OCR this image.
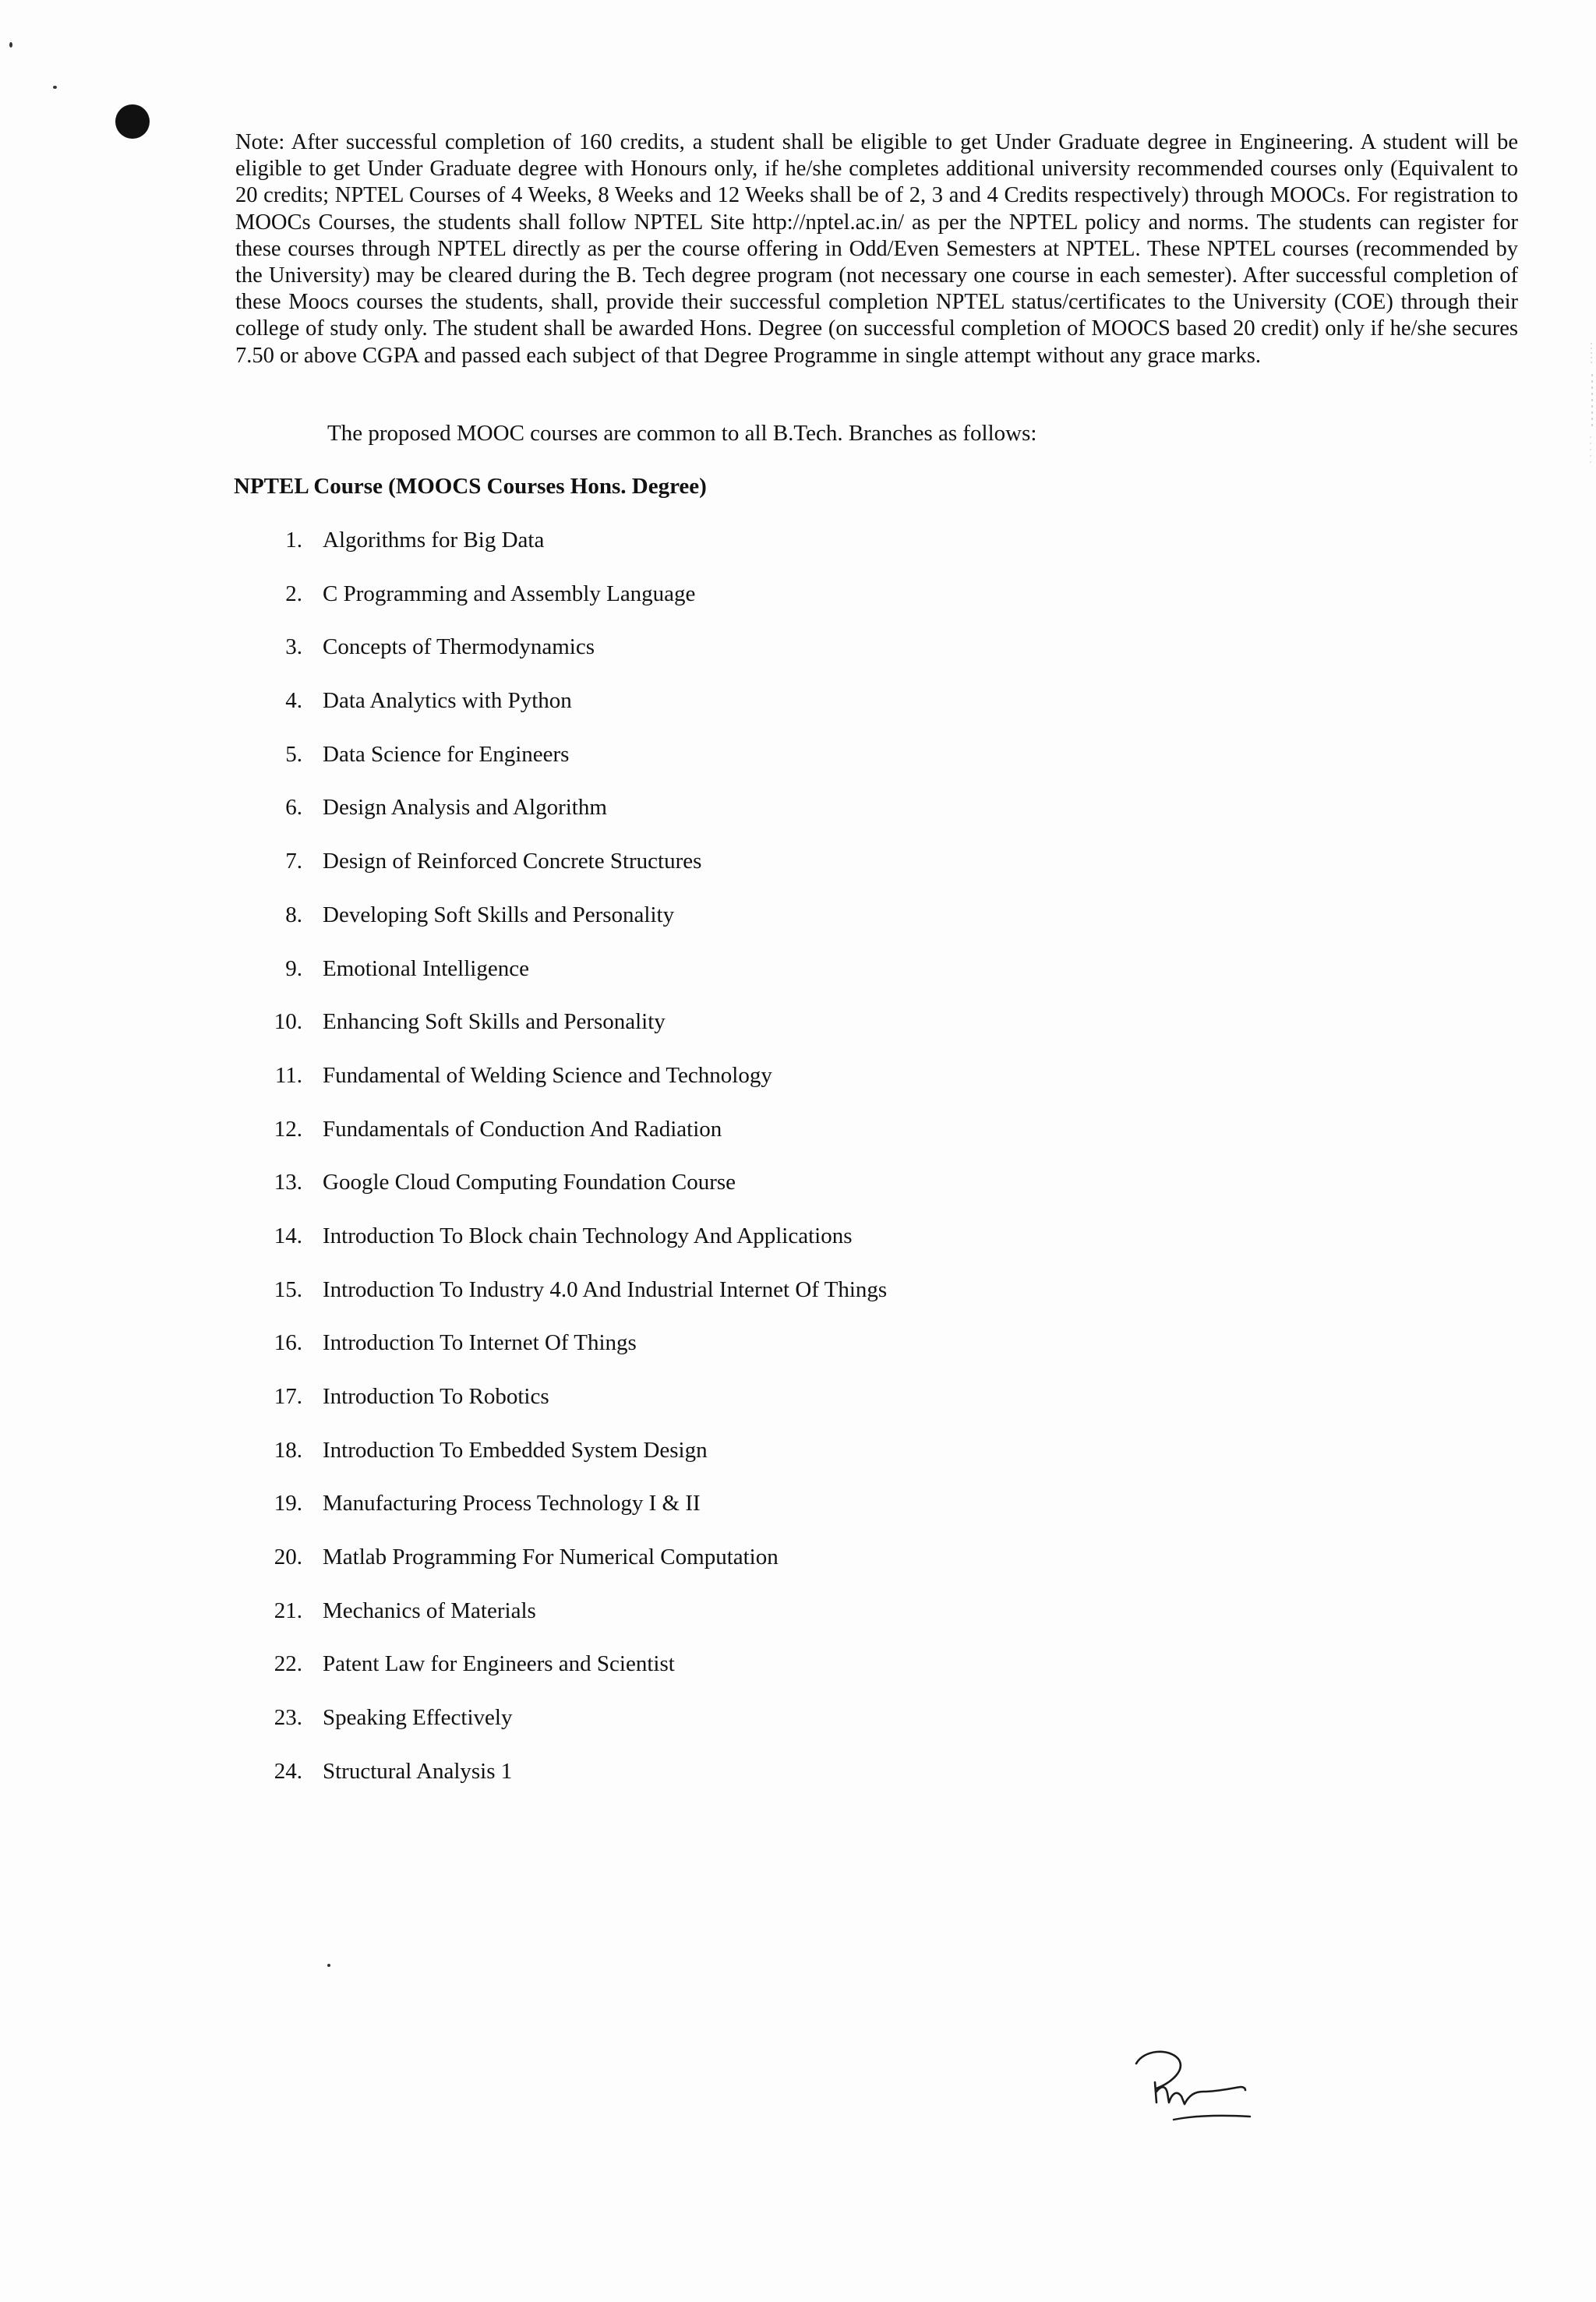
Note: After successful completion of 160 credits, a student shall be eligible to get Under Graduate degree in Engineering. A student will be eligible to get Under Graduate degree with Honours only, if he/she completes additional university recommended courses only (Equivalent to 20 credits; NPTEL Courses of 4 Weeks, 8 Weeks and 12 Weeks shall be of 2, 3 and 4 Credits respectively) through MOOCs. For registration to MOOCs Courses, the students shall follow NPTEL Site http://nptel.ac.in/ as per the NPTEL policy and norms. The students can register for these courses through NPTEL directly as per the course offering in Odd/Even Semesters at NPTEL. These NPTEL courses (recommended by the University) may be cleared during the B. Tech degree program (not necessary one course in each semester). After successful completion of these Moocs courses the students, shall, provide their successful completion NPTEL status/certificates to the University (COE) through their college of study only. The student shall be awarded Hons. Degree (on successful completion of MOOCS based 20 credit) only if he/she secures 7.50 or above CGPA and passed each subject of that Degree Programme in single attempt without any grace marks.

The proposed MOOC courses are common to all B.Tech. Branches as follows:

NPTEL Course (MOOCS Courses Hons. Degree)

1. Algorithms for Big Data
2. C Programming and Assembly Language
3. Concepts of Thermodynamics
4. Data Analytics with Python
5. Data Science for Engineers
6. Design Analysis and Algorithm
7. Design of Reinforced Concrete Structures
8. Developing Soft Skills and Personality
9. Emotional Intelligence
10. Enhancing Soft Skills and Personality
11. Fundamental of Welding Science and Technology
12. Fundamentals of Conduction And Radiation
13. Google Cloud Computing Foundation Course
14. Introduction To Block chain Technology And Applications
15. Introduction To Industry 4.0 And Industrial Internet Of Things
16. Introduction To Internet Of Things
17. Introduction To Robotics
18. Introduction To Embedded System Design
19. Manufacturing Process Technology I & II
20. Matlab Programming For Numerical Computation
21. Mechanics of Materials
22. Patent Law for Engineers and Scientist
23. Speaking Effectively
24. Structural Analysis 1
